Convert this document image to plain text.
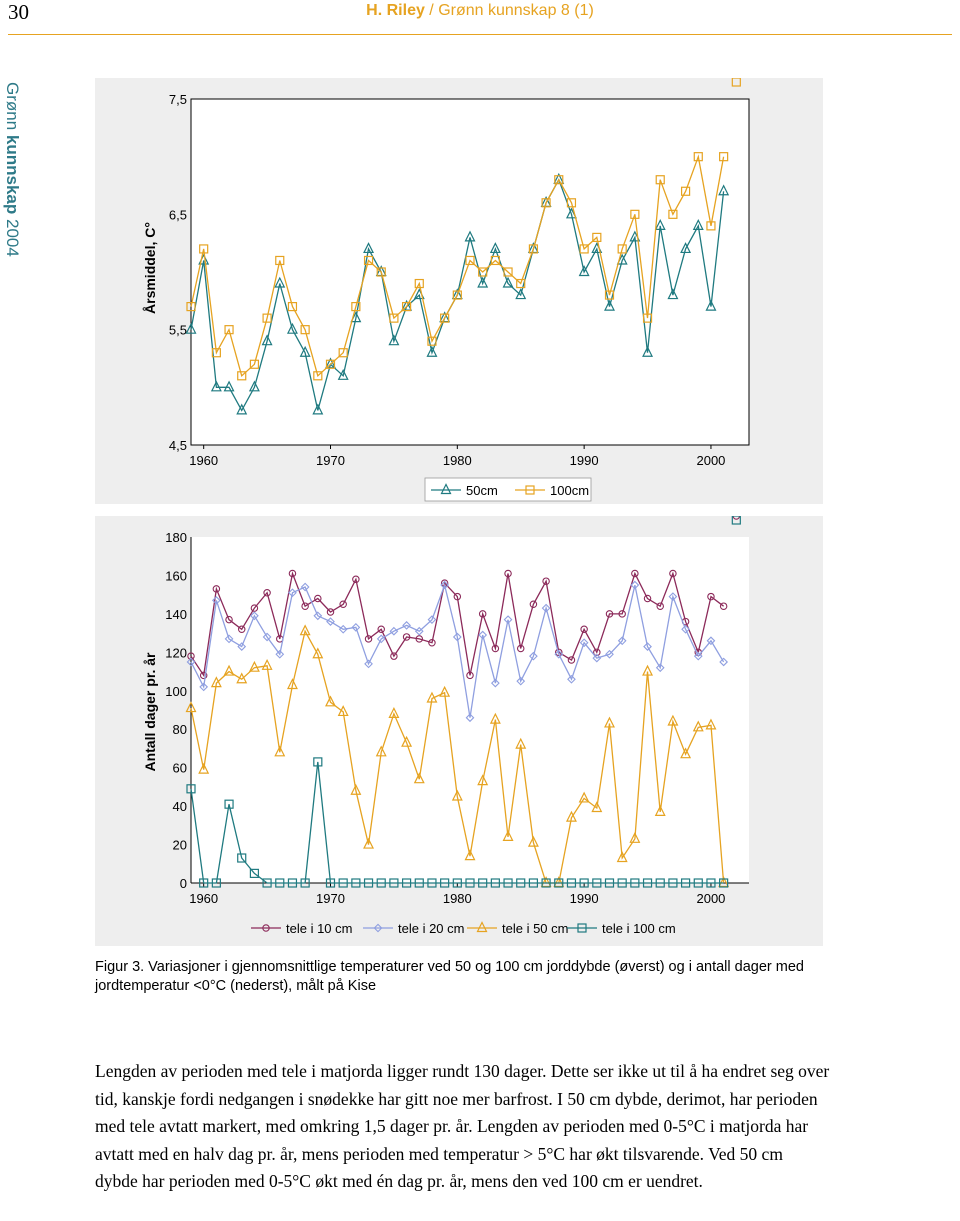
30	H. Riley / Grønn kunnskap 8 (1)
Grønn kunnskap 2004
4,5
5,5
6,5
7,5
1960	1970	1980	1990	2000
Årsmiddel, C°
50cm	100cm
0
20
40
60
80
100
120
140
160
180
1960	1970	1980	1990	2000
Antall dager pr. år
tele i 10 cm	tele i 20 cm	tele i 50 cm	tele i 100 cm
Figur 3. Variasjoner i gjennomsnittlige temperaturer ved 50 og 100 cm jorddybde (øverst) og i antall dager med jordtemperatur <0°C (nederst), målt på Kise

Lengden av perioden med tele i matjorda ligger rundt 130 dager. Dette ser ikke ut til å ha endret seg over tid, kanskje fordi nedgangen i snødekke har gitt noe mer barfrost. I 50 cm dybde, derimot, har perioden med tele avtatt markert, med omkring 1,5 dager pr. år. Lengden av perioden med 0-5°C i matjorda har avtatt med en halv dag pr. år, mens perioden med temperatur > 5°C har økt tilsvarende. Ved 50 cm dybde har perioden med 0-5°C økt med én dag pr. år, mens den ved 100 cm er uendret.
